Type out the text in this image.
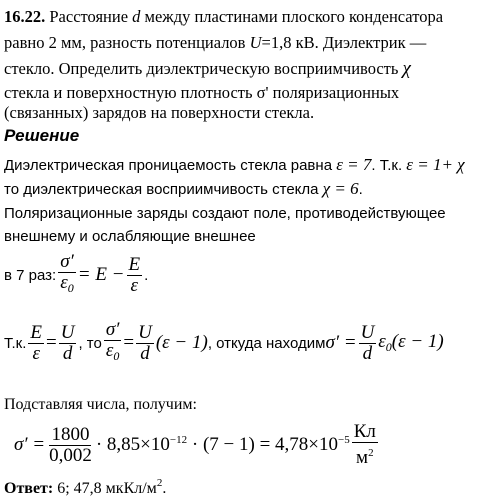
16.22. Расстояние d между пластинами плоского конденсатора
равно 2 мм, разность потенциалов U=1,8 кВ. Диэлектрик —
стекло. Определить диэлектрическую восприимчивость χ
стекла и поверхностную плотность σ' поляризационных
(связанных) зарядов на поверхности стекла.
Решение
Диэлектрическая проницаемость стекла равна ε = 7. Т.к. ε = 1+ χ
то диэлектрическая восприимчивость стекла χ = 6.
Поляризационные заряды создают поле, противодействующее
внешнему и ослабляющие внешнее
в 7 раз: $\frac{\sigma'}{\varepsilon_0} = E - \frac{E}{\varepsilon}$ .
Т.к. $\frac{E}{\varepsilon} = \frac{U}{d}$ , то $\frac{\sigma'}{\varepsilon_0} = \frac{U}{d} (\varepsilon - 1)$ , откуда находим $\sigma' = \frac{U}{d} \varepsilon_0(\varepsilon - 1)$
Подставляя числа, получим:
$\sigma' = \frac{1800}{0,002} \cdot 8,85\times 10^{-12} \cdot (7 - 1) = 4,78\times 10^{-5} \frac{Кл}{м^2}$
Ответ: 6; 47,8 мкКл/$м^2$.
